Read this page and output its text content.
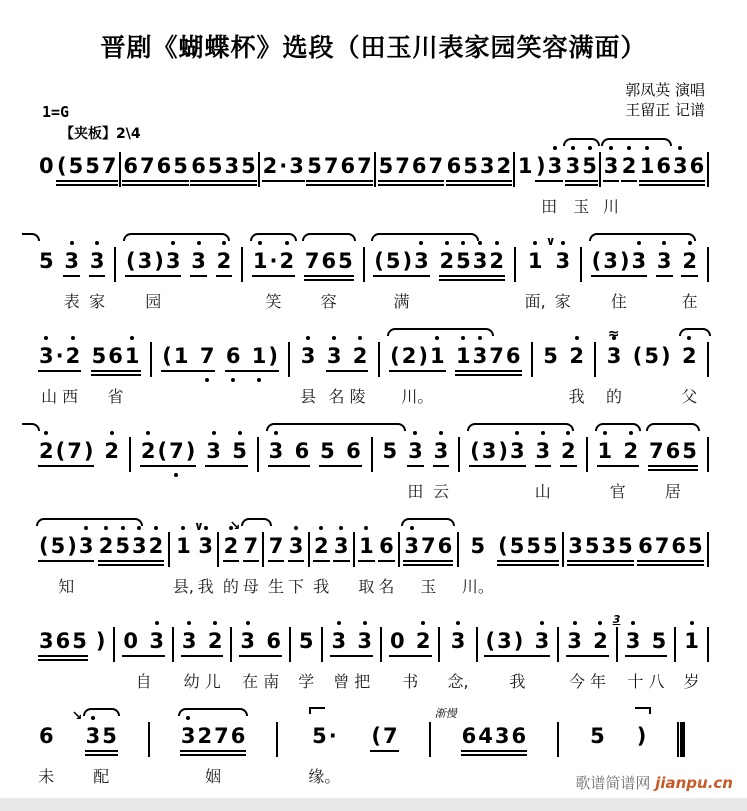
晋剧《蝴蝶杯》选段（田玉川表家园笑容满面）
1=G
郭凤英 演唱
王留正 记谱
【夹板】2\4
0
(557
6765
6535
2·3
5767
5767
6532
1
)3
田
3
5
玉
3
川
2
1
63
6

5
3
表
3
家
(3)3
园
3
2
1
·2
笑
765
容
(5)3
满
2
5
3
2
1
∨
面,
3
家
(3)3
住
3
2
在
3
·2
山 西
561
省
(1 7
6 1
)
3
县
3 2
名 陵
(2)1
川。
1
3
76
5
2
我
3
≈
的
(5)
2
父
2
(7)
2
2
(7
)
3 5
3 6
5 6
5
3
田
3
云
(3)3
3
山
2
1 2
官
765
居
(5)3
知
2
5
3
2
1
∨
县,
3
我
2
的
7
↘
母
7
生
3
下
2
我
3
1
取
6
名
3
76
玉
5
川。
(555
3535
6765

365
)
0 3
自
3 2
幼 儿
3 6
在 南
5
学
3 3
曾 把
0 2
书
3
念,
(3) 3
我
3 2
今 年
3 5
3
十 八
1
岁
6
未
3
5
↘
配
3
276
姻
5·
缘。
(7
	6436
渐慢

5
)

歌谱简谱网 jianpu.cn
